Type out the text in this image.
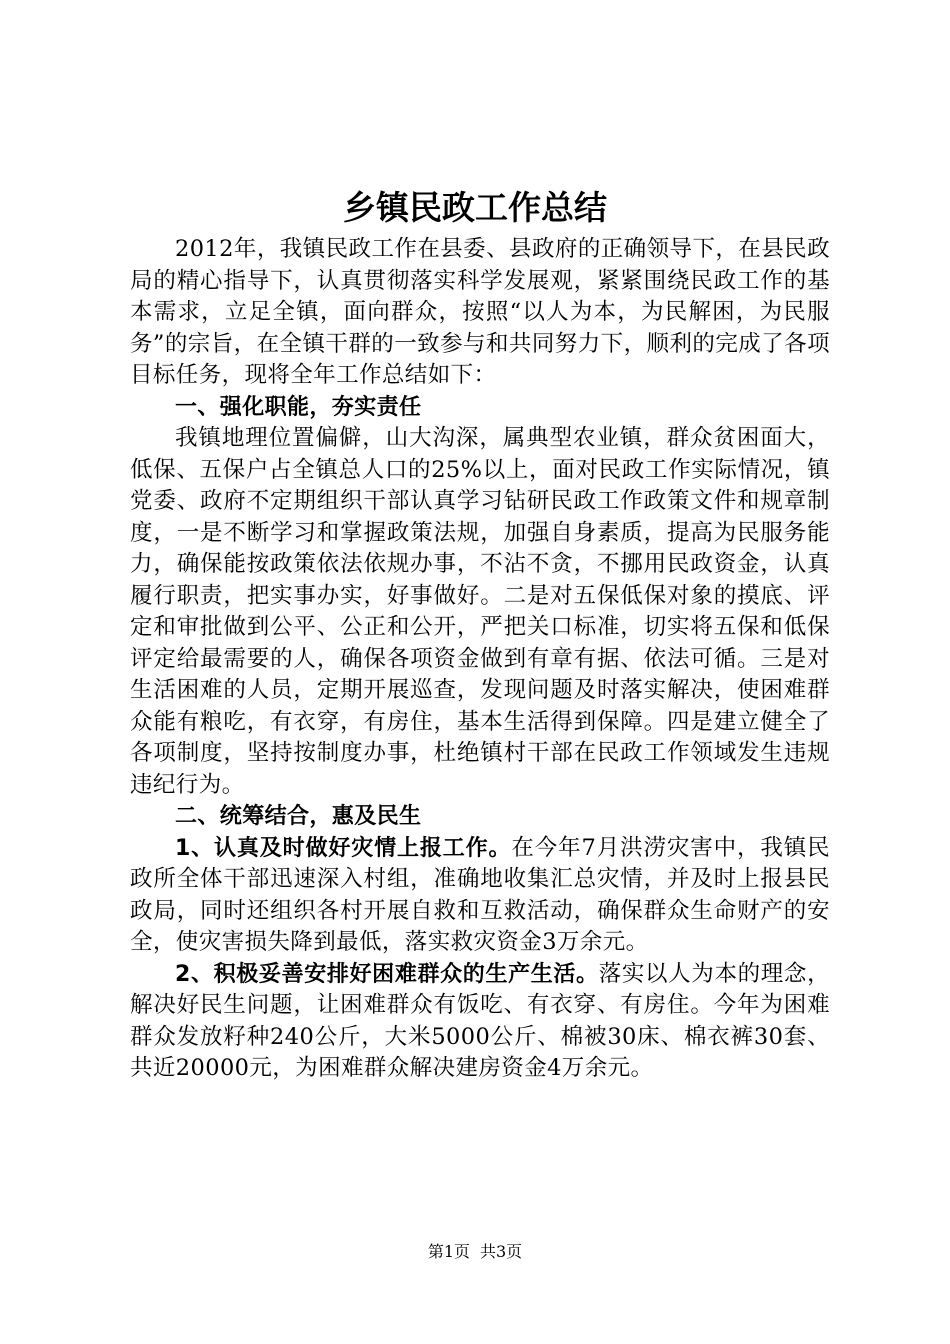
乡镇民政工作总结

2012年，我镇民政工作在县委、县政府的正确领导下，在县民政局的精心指导下，认真贯彻落实科学发展观，紧紧围绕民政工作的基本需求，立足全镇，面向群众，按照“以人为本，为民解困，为民服务”的宗旨，在全镇干群的一致参与和共同努力下，顺利的完成了各项目标任务，现将全年工作总结如下：

一、强化职能，夯实责任

我镇地理位置偏僻，山大沟深，属典型农业镇，群众贫困面大，低保、五保户占全镇总人口的25%以上，面对民政工作实际情况，镇党委、政府不定期组织干部认真学习钻研民政工作政策文件和规章制度，一是不断学习和掌握政策法规，加强自身素质，提高为民服务能力，确保能按政策依法依规办事，不沾不贪，不挪用民政资金，认真履行职责，把实事办实，好事做好。二是对五保低保对象的摸底、评定和审批做到公平、公正和公开，严把关口标准，切实将五保和低保评定给最需要的人，确保各项资金做到有章有据、依法可循。三是对生活困难的人员，定期开展巡查，发现问题及时落实解决，使困难群众能有粮吃，有衣穿，有房住，基本生活得到保障。四是建立健全了各项制度，坚持按制度办事，杜绝镇村干部在民政工作领域发生违规违纪行为。

二、统筹结合，惠及民生

1、认真及时做好灾情上报工作。在今年7月洪涝灾害中，我镇民政所全体干部迅速深入村组，准确地收集汇总灾情，并及时上报县民政局，同时还组织各村开展自救和互救活动，确保群众生命财产的安全，使灾害损失降到最低，落实救灾资金3万余元。

2、积极妥善安排好困难群众的生产生活。落实以人为本的理念，解决好民生问题，让困难群众有饭吃、有衣穿、有房住。今年为困难群众发放籽种240公斤，大米5000公斤、棉被30床、棉衣裤30套、共近20000元，为困难群众解决建房资金4万余元。

第1页 共3页
